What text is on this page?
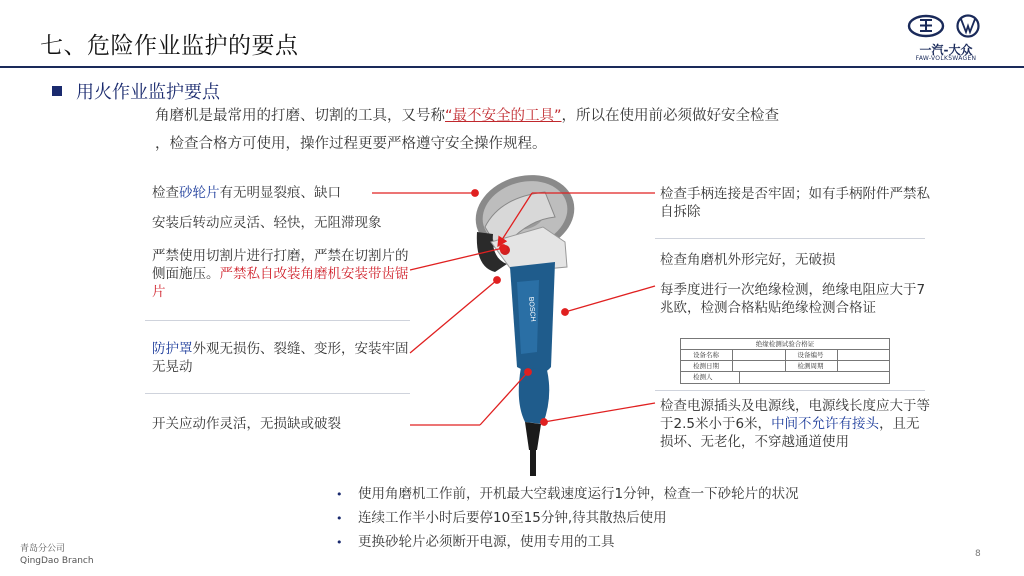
七、危险作业监护的要点	一汽-大众
FAW-VOLKSWAGEN
用火作业监护要点
角磨机是最常用的打磨、切割的工具，又号称“最不安全的工具”，所以在使用前必须做好安全检查
，检查合格方可使用，操作过程更要严格遵守安全操作规程。
检查砂轮片有无明显裂痕、缺口
安装后转动应灵活、轻快，无阻滞现象
严禁使用切割片进行打磨，严禁在切割片的侧面施压。严禁私自改装角磨机安装带齿锯片
防护罩外观无损伤、裂缝、变形，安装牢固无晃动
开关应动作灵活，无损缺或破裂
检查手柄连接是否牢固；如有手柄附件严禁私自拆除
检查角磨机外形完好，无破损
每季度进行一次绝缘检测，绝缘电阻应大于7兆欧，检测合格粘贴绝缘检测合格证
检查电源插头及电源线，电源线长度应大于等于2.5米小于6米，中间不允许有接头，且无损坏、无老化，不穿越通道使用
绝缘检测试验合格证
设备名称	设备编号
检测日期	检测周期
检测人
BOSCH
• 使用角磨机工作前，开机最大空载速度运行1分钟，检查一下砂轮片的状况
• 连续工作半小时后要停10至15分钟,待其散热后使用
• 更换砂轮片必须断开电源，使用专用的工具
青岛分公司
QingDao Branch
8
